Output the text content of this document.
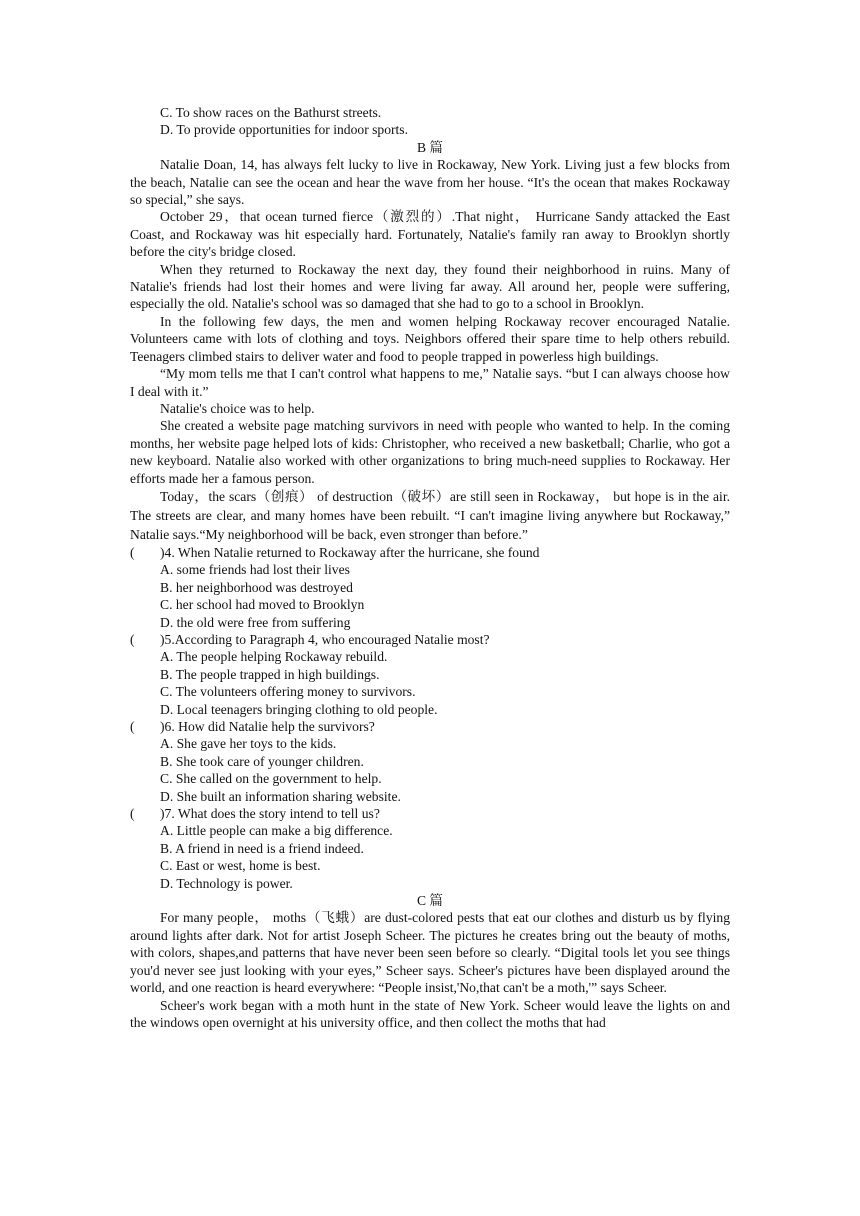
C. To show races on the Bathurst streets.

D. To provide opportunities for indoor sports.

B 篇

Natalie Doan, 14, has always felt lucky to live in Rockaway, New York. Living just a few blocks from the beach, Natalie can see the ocean and hear the wave from her house. “It's the ocean that makes Rockaway so special,” she says.

October 29，that ocean turned fierce（激烈的）.That night， Hurricane Sandy attacked the East Coast, and Rockaway was hit especially hard. Fortunately, Natalie's family ran away to Brooklyn shortly before the city's bridge closed.

When they returned to Rockaway the next day, they found their neighborhood in ruins. Many of Natalie's friends had lost their homes and were living far away. All around her, people were suffering, especially the old. Natalie's school was so damaged that she had to go to a school in Brooklyn.

In the following few days, the men and women helping Rockaway recover encouraged Natalie. Volunteers came with lots of clothing and toys. Neighbors offered their spare time to help others rebuild. Teenagers climbed stairs to deliver water and food to people trapped in powerless high buildings.

“My mom tells me that I can't control what happens to me,” Natalie says. “but I can always choose how I deal with it.”

Natalie's choice was to help.

She created a website page matching survivors in need with people who wanted to help. In the coming months, her website page helped lots of kids: Christopher, who received a new basketball; Charlie, who got a new keyboard. Natalie also worked with other organizations to bring much-need supplies to Rockaway. Her efforts made her a famous person.

Today，the scars（创痕） of destruction（破坏）are still seen in Rockaway， but hope is in the air. The streets are clear, and many homes have been rebuilt. “I can't imagine living anywhere but Rockaway,” Natalie says.“My neighborhood will be back, even stronger than before.”

( )4. When Natalie returned to Rockaway after the hurricane, she found

A. some friends had lost their lives

B. her neighborhood was destroyed

C. her school had moved to Brooklyn

D. the old were free from suffering

( )5.According to Paragraph 4, who encouraged Natalie most?

A. The people helping Rockaway rebuild.

B. The people trapped in high buildings.

C. The volunteers offering money to survivors.

D. Local teenagers bringing clothing to old people.

( )6. How did Natalie help the survivors?

A. She gave her toys to the kids.

B. She took care of younger children.

C. She called on the government to help.

D. She built an information sharing website.

( )7. What does the story intend to tell us?

A. Little people can make a big difference.

B. A friend in need is a friend indeed.

C. East or west, home is best.

D. Technology is power.

C 篇

For many people， moths（飞蛾）are dust-colored pests that eat our clothes and disturb us by flying around lights after dark. Not for artist Joseph Scheer. The pictures he creates bring out the beauty of moths, with colors, shapes,and patterns that have never been seen before so clearly. “Digital tools let you see things you'd never see just looking with your eyes,” Scheer says. Scheer's pictures have been displayed around the world, and one reaction is heard everywhere: “People insist,'No,that can't be a moth,'” says Scheer.

Scheer's work began with a moth hunt in the state of New York. Scheer would leave the lights on and the windows open overnight at his university office, and then collect the moths that had
